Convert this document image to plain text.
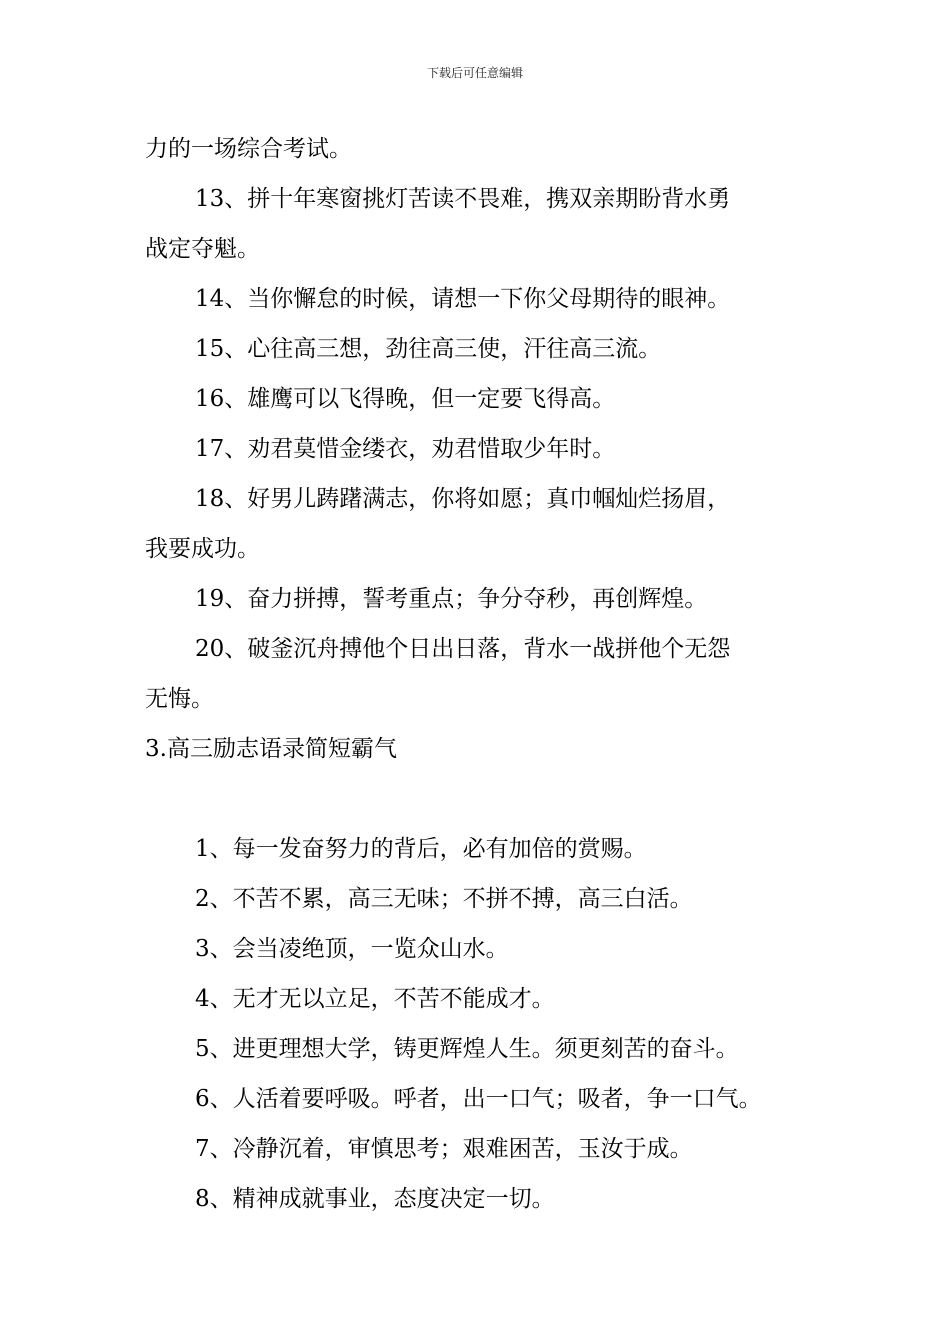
下载后可任意编辑

力的一场综合考试。

13、拼十年寒窗挑灯苦读不畏难，携双亲期盼背水勇

战定夺魁。

14、当你懈怠的时候，请想一下你父母期待的眼神。

15、心往高三想，劲往高三使，汗往高三流。

16、雄鹰可以飞得晚，但一定要飞得高。

17、劝君莫惜金缕衣，劝君惜取少年时。

18、好男儿踌躇满志，你将如愿；真巾帼灿烂扬眉，

我要成功。

19、奋力拼搏，誓考重点；争分夺秒，再创辉煌。

20、破釜沉舟搏他个日出日落，背水一战拼他个无怨

无悔。

3.高三励志语录简短霸气

1、每一发奋努力的背后，必有加倍的赏赐。

2、不苦不累，高三无味；不拼不搏，高三白活。

3、会当凌绝顶，一览众山水。

4、无才无以立足，不苦不能成才。

5、进更理想大学，铸更辉煌人生。须更刻苦的奋斗。

6、人活着要呼吸。呼者，出一口气；吸者，争一口气。

7、冷静沉着，审慎思考；艰难困苦，玉汝于成。

8、精神成就事业，态度决定一切。
